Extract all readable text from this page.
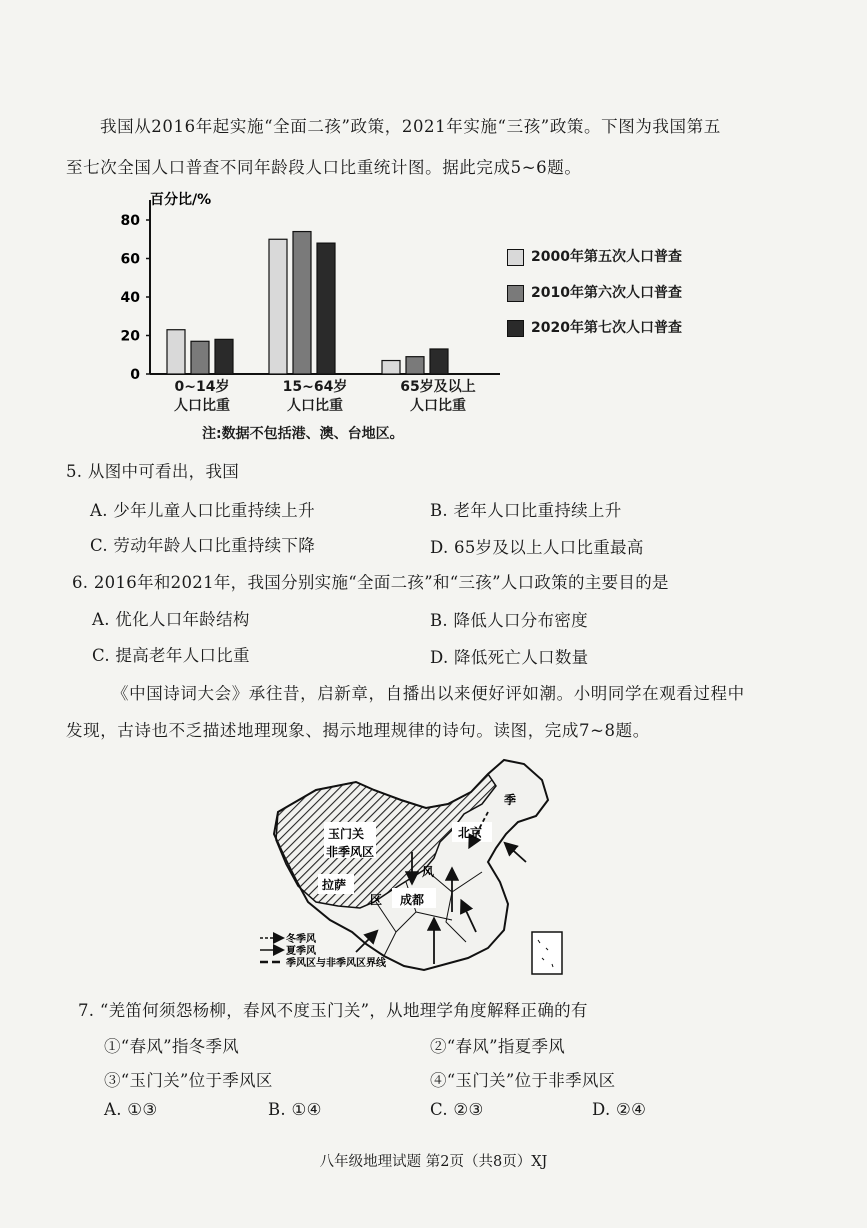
我国从2016年起实施“全面二孩”政策，2021年实施“三孩”政策。下图为我国第五
至七次全国人口普查不同年龄段人口比重统计图。据此完成5~6题。
百分比/%
0
20
40
60
80
0~14岁
人口比重
15~64岁
人口比重
65岁及以上
人口比重
2000年第五次人口普查
2010年第六次人口普查
2020年第七次人口普查
注:数据不包括港、澳、台地区。
5. 从图中可看出，我国
A. 少年儿童人口比重持续上升	B. 老年人口比重持续上升
C. 劳动年龄人口比重持续下降	D. 65岁及以上人口比重最高
6. 2016年和2021年，我国分别实施“全面二孩”和“三孩”人口政策的主要目的是
A. 优化人口年龄结构	B. 降低人口分布密度
C. 提高老年人口比重	D. 降低死亡人口数量
《中国诗词大会》承往昔，启新章，自播出以来便好评如潮。小明同学在观看过程中
发现，古诗也不乏描述地理现象、揭示地理规律的诗句。读图，完成7~8题。
冬季风
夏季风
季风区与非季风区界线
玉门关
非季风区
拉萨
北京
成都
季
风
区
7. “羌笛何须怨杨柳，春风不度玉门关”，从地理学角度解释正确的有
①“春风”指冬季风	②“春风”指夏季风
③“玉门关”位于季风区	④“玉门关”位于非季风区
A. ①③	B. ①④	C. ②③	D. ②④
八年级地理试题 第2页（共8页）XJ
